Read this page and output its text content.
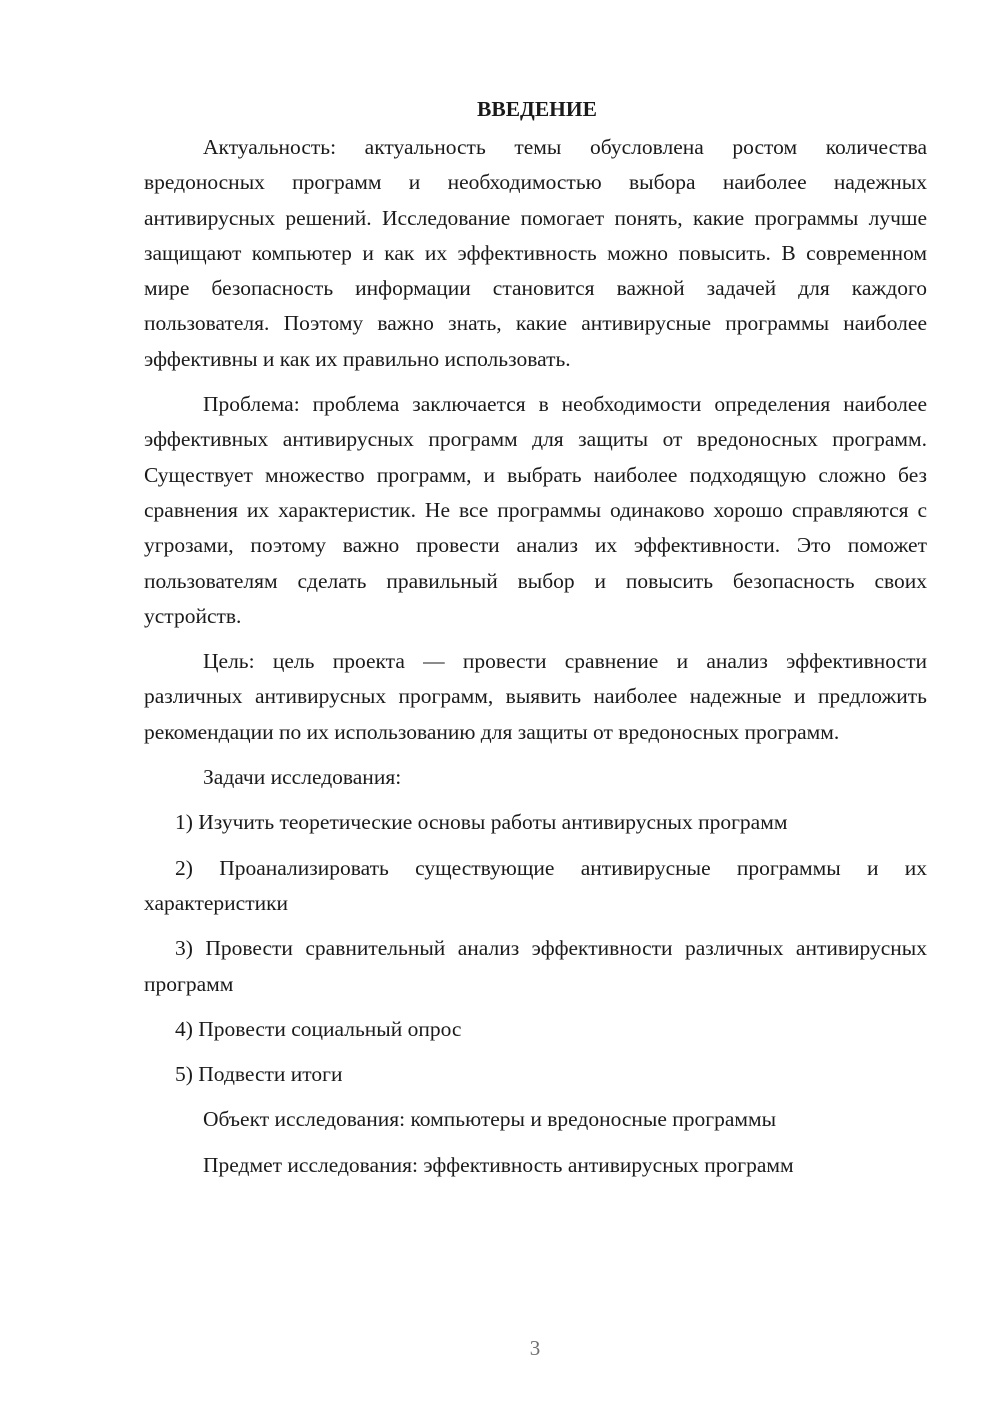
ВВЕДЕНИЕ

Актуальность: актуальность темы обусловлена ростом количества вредоносных программ и необходимостью выбора наиболее надежных антивирусных решений. Исследование помогает понять, какие программы лучше защищают компьютер и как их эффективность можно повысить. В современном мире безопасность информации становится важной задачей для каждого пользователя. Поэтому важно знать, какие антивирусные программы наиболее эффективны и как их правильно использовать.

Проблема: проблема заключается в необходимости определения наиболее эффективных антивирусных программ для защиты от вредоносных программ. Существует множество программ, и выбрать наиболее подходящую сложно без сравнения их характеристик. Не все программы одинаково хорошо справляются с угрозами, поэтому важно провести анализ их эффективности. Это поможет пользователям сделать правильный выбор и повысить безопасность своих устройств.

Цель: цель проекта — провести сравнение и анализ эффективности различных антивирусных программ, выявить наиболее надежные и предложить рекомендации по их использованию для защиты от вредоносных программ.

Задачи исследования:

1) Изучить теоретические основы работы антивирусных программ

2) Проанализировать существующие антивирусные программы и их характеристики

3) Провести сравнительный анализ эффективности различных антивирусных программ

4) Провести социальный опрос

5) Подвести итоги

Объект исследования: компьютеры и вредоносные программы

Предмет исследования: эффективность антивирусных программ

3
